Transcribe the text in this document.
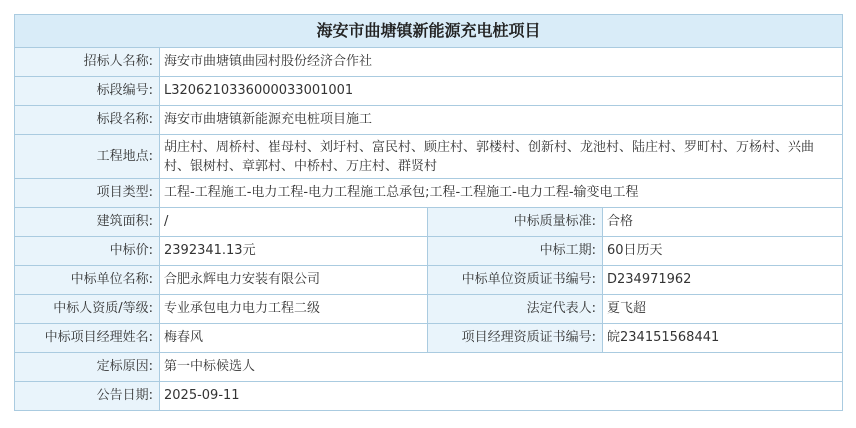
海安市曲塘镇新能源充电桩项目			
招标人名称:	海安市曲塘镇曲园村股份经济合作社		
标段编号:	L3206210336000033001001		
标段名称:	海安市曲塘镇新能源充电桩项目施工		
工程地点:	胡庄村、周桥村、崔母村、刘圩村、富民村、顾庄村、郭楼村、创新村、龙池村、陆庄村、罗町村、万杨村、兴曲村、银树村、章郭村、中桥村、万庄村、群贤村		
项目类型:	工程-工程施工-电力工程-电力工程施工总承包;工程-工程施工-电力工程-输变电工程		
建筑面积:	/	中标质量标准:	合格
中标价:	2392341.13元	中标工期:	60日历天
中标单位名称:	合肥永辉电力安装有限公司	中标单位资质证书编号:	D234971962
中标人资质/等级:	专业承包电力电力工程二级	法定代表人:	夏飞超
中标项目经理姓名:	梅春风	项目经理资质证书编号:	皖234151568441
定标原因:	第一中标候选人		
公告日期:	2025-09-11		
